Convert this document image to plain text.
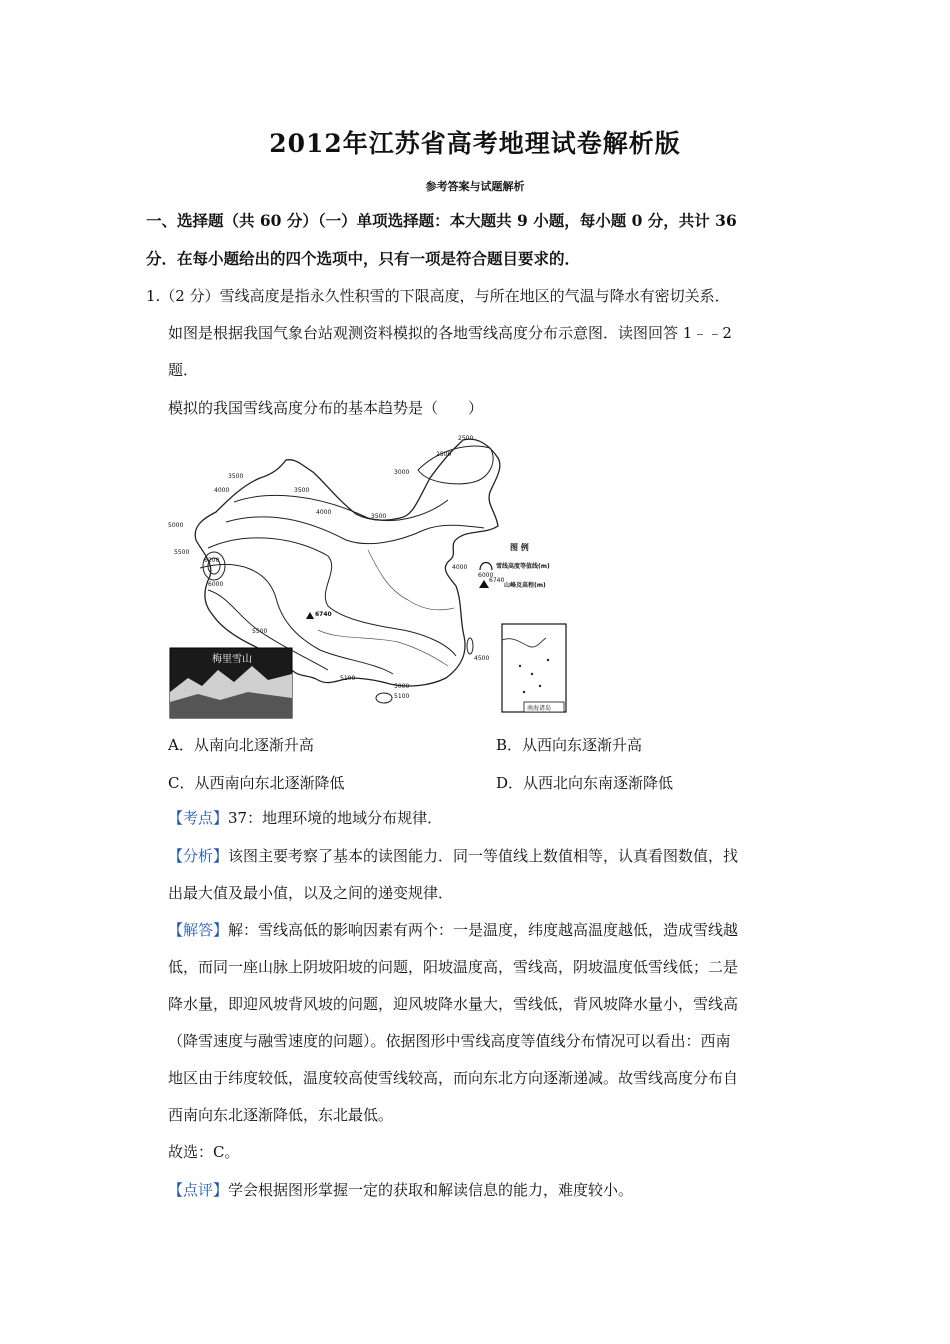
2012年江苏省高考地理试卷解析版
参考答案与试题解析
一、选择题（共 60 分）（一）单项选择题：本大题共 9 小题，每小题 0 分，共计 36
分．在每小题给出的四个选项中，只有一项是符合题目要求的．
1.（2 分）雪线高度是指永久性积雪的下限高度，与所在地区的气温与降水有密切关系．
如图是根据我国气象台站观测资料模拟的各地雪线高度分布示意图．读图回答 1﹣﹣2
题．
模拟的我国雪线高度分布的基本趋势是（　　）
2500
2500
3000
3500
3500
3500
4000
4000
4000
4500
5000
5000
5100
5100
5500
5500
6000
6200
6740
图 例
6000
雪线高度等值线(m)
6740
山峰及高程(m)
南海诸岛
梅里雪山
A．从南向北逐渐升高	B．从西向东逐渐升高
C．从西南向东北逐渐降低	D．从西北向东南逐渐降低
【考点】37：地理环境的地域分布规律．
【分析】该图主要考察了基本的读图能力．同一等值线上数值相等，认真看图数值，找
出最大值及最小值，以及之间的递变规律．
【解答】解：雪线高低的影响因素有两个：一是温度，纬度越高温度越低，造成雪线越
低，而同一座山脉上阴坡阳坡的问题，阳坡温度高，雪线高，阴坡温度低雪线低；二是
降水量，即迎风坡背风坡的问题，迎风坡降水量大，雪线低，背风坡降水量小，雪线高
（降雪速度与融雪速度的问题）。依据图形中雪线高度等值线分布情况可以看出：西南
地区由于纬度较低，温度较高使雪线较高，而向东北方向逐渐递减。故雪线高度分布自
西南向东北逐渐降低，东北最低。
故选：C。
【点评】学会根据图形掌握一定的获取和解读信息的能力，难度较小。
